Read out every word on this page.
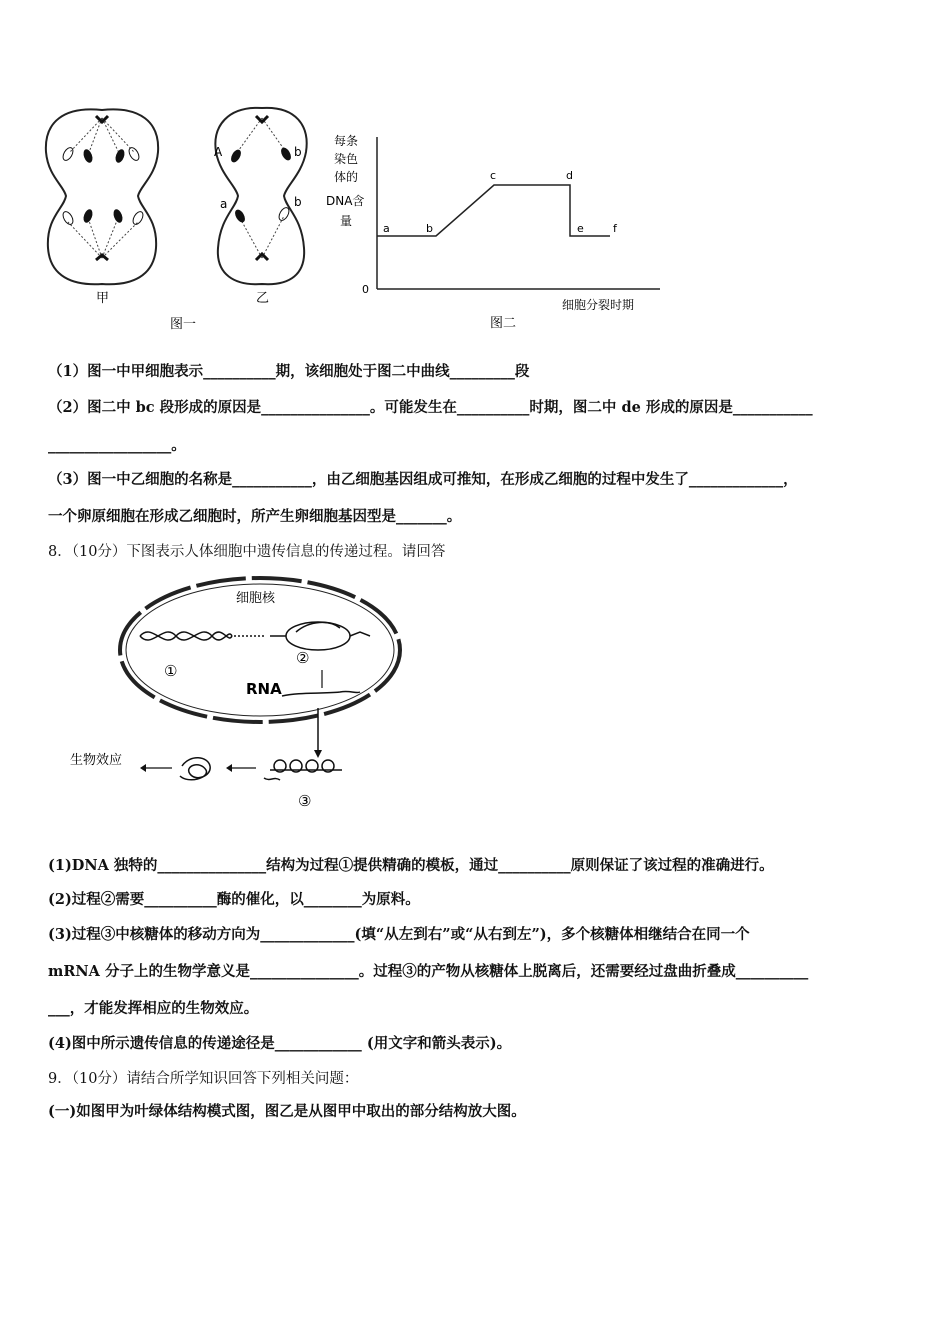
甲
A	b
a	b
乙
图一
每条
染色
体的
DNA含
量
0
a	b
c	d
e	f
细胞分裂时期
图二
（1）图一中甲细胞表示__________期，该细胞处于图二中曲线_________段
（2）图二中 bc 段形成的原因是_______________。可能发生在__________时期，图二中 de 形成的原因是___________
_________________。
（3）图一中乙细胞的名称是___________，由乙细胞基因组成可推知，在形成乙细胞的过程中发生了_____________，
一个卵原细胞在形成乙细胞时，所产生卵细胞基因型是_______。
8．（10分）下图表示人体细胞中遗传信息的传递过程。请回答
细胞核
①
②
RNA
③
生物效应
(1)DNA 独特的_______________结构为过程①提供精确的模板，通过__________原则保证了该过程的准确进行。
(2)过程②需要__________酶的催化，以________为原料。
(3)过程③中核糖体的移动方向为_____________(填“从左到右”或“从右到左”)，多个核糖体相继结合在同一个
mRNA 分子上的生物学意义是_______________。过程③的产物从核糖体上脱离后，还需要经过盘曲折叠成__________
___，才能发挥相应的生物效应。
(4)图中所示遗传信息的传递途径是____________ (用文字和箭头表示)。
9．（10分）请结合所学知识回答下列相关问题：
(一)如图甲为叶绿体结构模式图，图乙是从图甲中取出的部分结构放大图。
